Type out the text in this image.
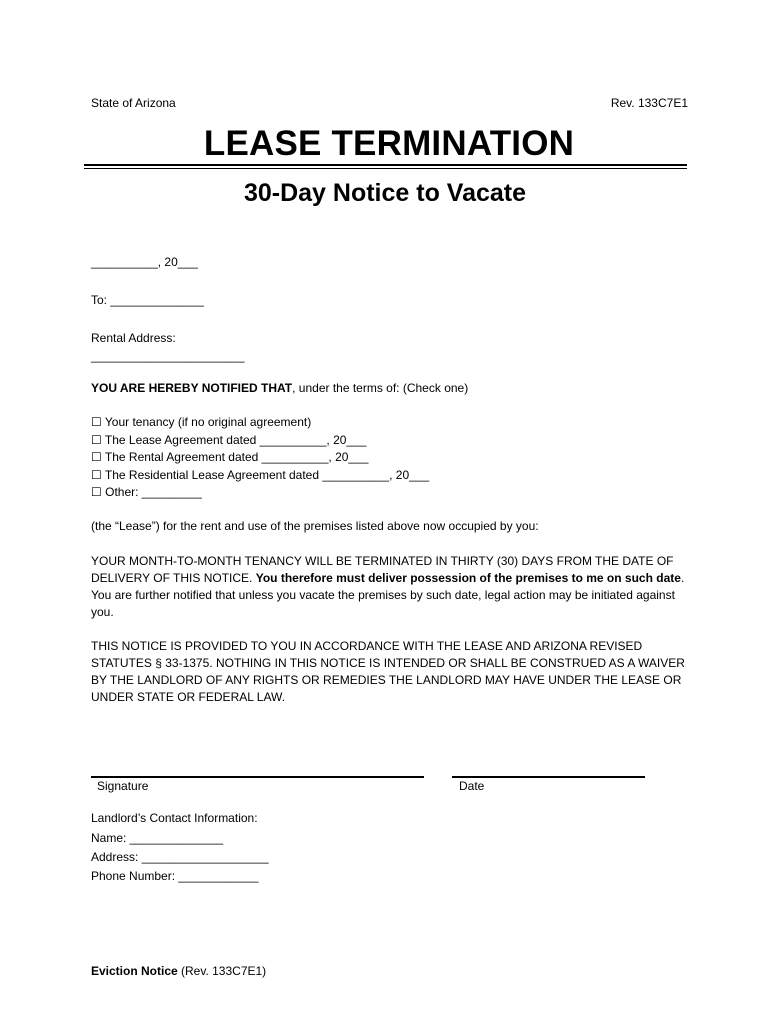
State of Arizona	Rev. 133C7E1
LEASE TERMINATION
30-Day Notice to Vacate
__________, 20___
To: ______________
Rental Address:
_______________________
YOU ARE HEREBY NOTIFIED THAT, under the terms of: (Check one)
☐ Your tenancy (if no original agreement)
☐ The Lease Agreement dated __________, 20___
☐ The Rental Agreement dated __________, 20___
☐ The Residential Lease Agreement dated __________, 20___
☐ Other: _________
(the “Lease”) for the rent and use of the premises listed above now occupied by you:
YOUR MONTH-TO-MONTH TENANCY WILL BE TERMINATED IN THIRTY (30) DAYS FROM THE DATE OF DELIVERY OF THIS NOTICE. You therefore must deliver possession of the premises to me on such date. You are further notified that unless you vacate the premises by such date, legal action may be initiated against you.
THIS NOTICE IS PROVIDED TO YOU IN ACCORDANCE WITH THE LEASE AND ARIZONA REVISED STATUTES § 33-1375. NOTHING IN THIS NOTICE IS INTENDED OR SHALL BE CONSTRUED AS A WAIVER BY THE LANDLORD OF ANY RIGHTS OR REMEDIES THE LANDLORD MAY HAVE UNDER THE LEASE OR UNDER STATE OR FEDERAL LAW.
Signature	Date
Landlord’s Contact Information:
Name: ______________
Address: ___________________
Phone Number: ____________
Eviction Notice (Rev. 133C7E1)
